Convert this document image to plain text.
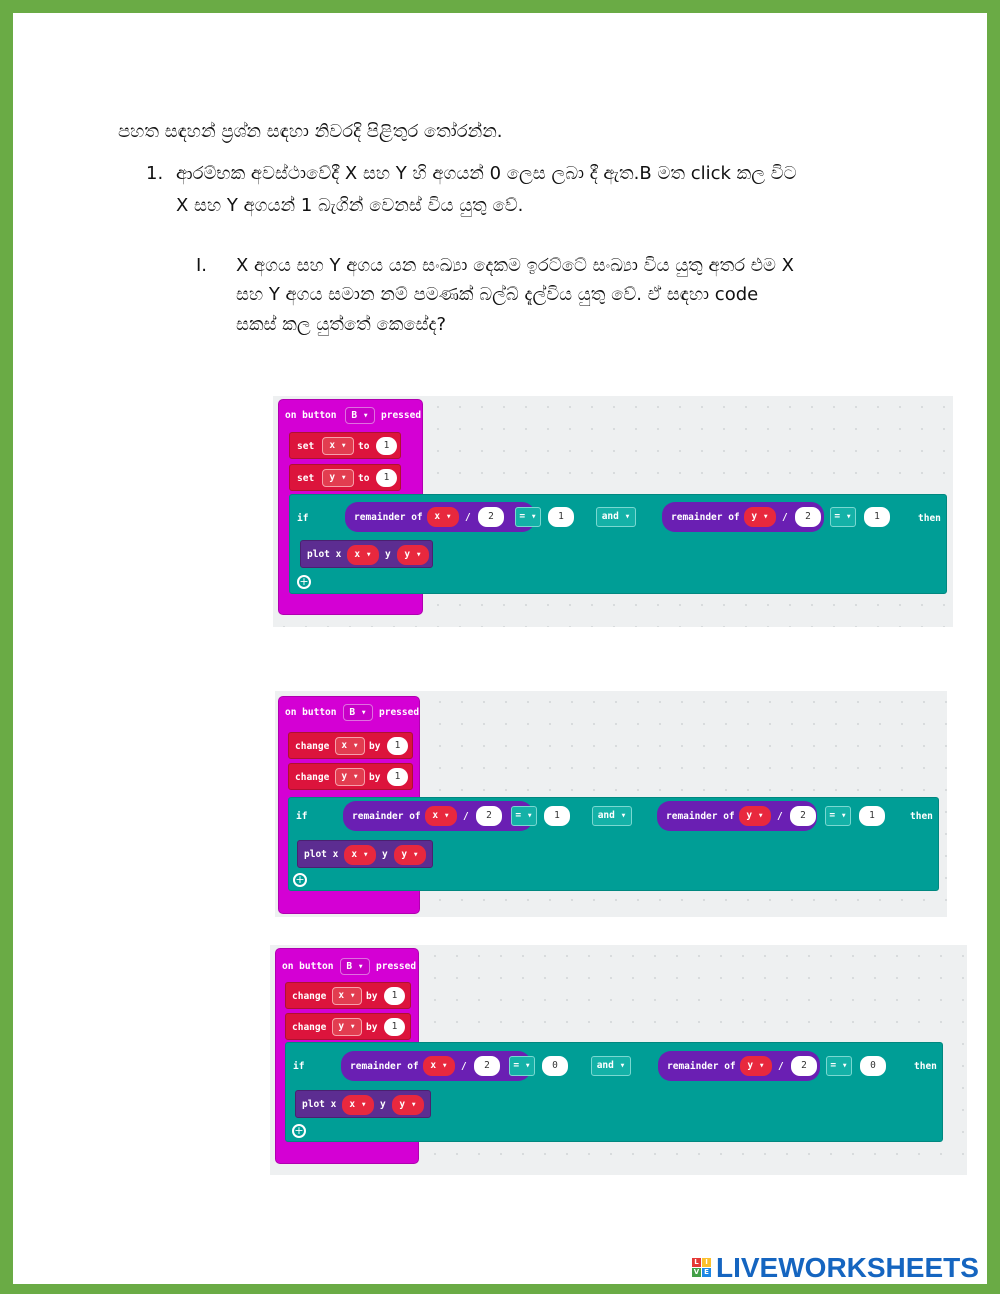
පහත සඳහන් ප්‍රශ්න සඳහා නිවරදි පිළිතුර තෝරන්න.
1. ආරම්භක අවස්ථාවේදී X සහ Y හි අගයන් 0 ලෙස ලබා දී ඇත.B මත click කල විට
X සහ Y අගයන් 1 බැගින් වෙනස් විය යුතු වේ.
I. X අගය සහ Y අගය යන සංඛ්‍යා දෙකම ඉරට්ටේ සංඛ්‍යා විය යුතු අතර එම X
සහ Y අගය සමාන නම් පමණක් බල්බ් දැල්විය යුතු වේ. ඒ සඳහා code
සකස් කල යුත්තේ කෙසේද?
on button	B ▾	pressed
set	x ▾	to	1
set	y ▾	to	1
if	remainder of	x ▾	/	2	= ▾	1	and ▾	remainder of	y ▾	/	2	= ▾	1	then
plot x	x ▾	y	y ▾
+
on button	B ▾	pressed
change	x ▾	by	1
change	y ▾	by	1
if	remainder of	x ▾	/	2	= ▾	1	and ▾	remainder of	y ▾	/	2	= ▾	1	then
plot x	x ▾	y	y ▾
+
on button	B ▾	pressed
change	x ▾	by	1
change	y ▾	by	1
if	remainder of	x ▾	/	2	= ▾	0	and ▾	remainder of	y ▾	/	2	= ▾	0	then
plot x	x ▾	y	y ▾
+
L I
V E LIVEWORKSHEETS
